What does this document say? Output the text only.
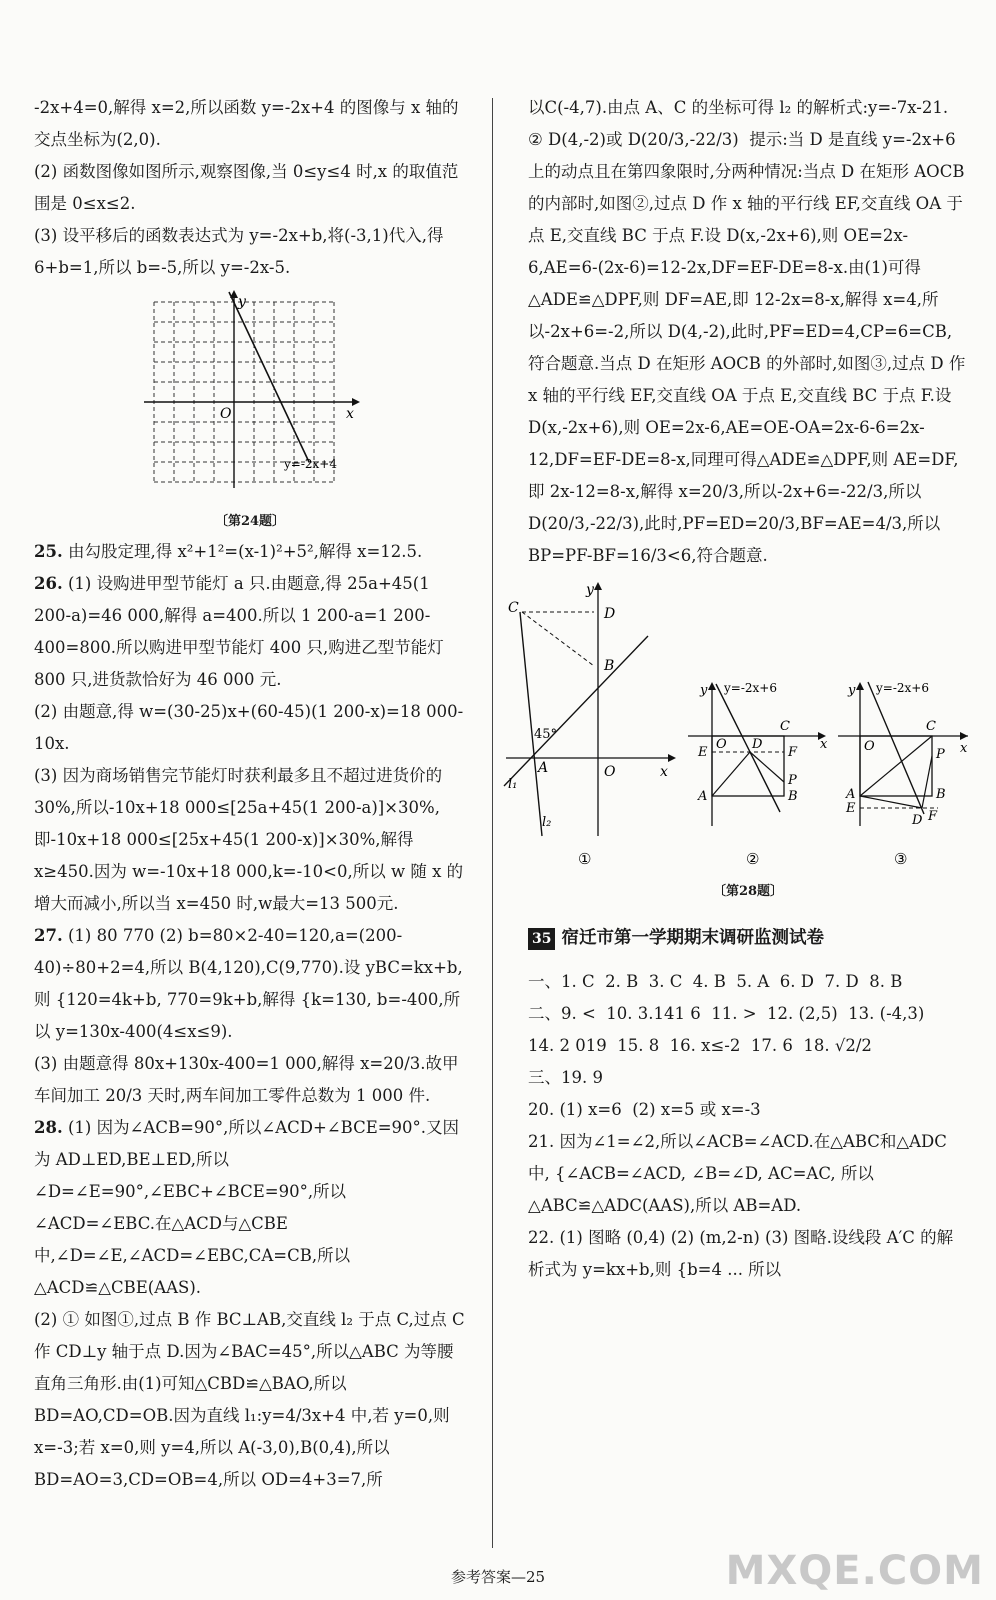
-2x+4=0,解得 x=2,所以函数 y=-2x+4 的图像与 x 轴的交点坐标为(2,0).

(2) 函数图像如图所示,观察图像,当 0≤y≤4 时,x 的取值范围是 0≤x≤2.

(3) 设平移后的函数表达式为 y=-2x+b,将(-3,1)代入,得 6+b=1,所以 b=-5,所以 y=-2x-5.

x
y
O
y=-2x+4
〔第24题〕

25. 由勾股定理,得 x²+1²=(x-1)²+5²,解得 x=12.5.

26. (1) 设购进甲型节能灯 a 只.由题意,得 25a+45(1 200-a)=46 000,解得 a=400.所以 1 200-a=1 200-400=800.所以购进甲型节能灯 400 只,购进乙型节能灯 800 只,进货款恰好为 46 000 元.

(2) 由题意,得 w=(30-25)x+(60-45)(1 200-x)=18 000-10x.

(3) 因为商场销售完节能灯时获利最多且不超过进货价的 30%,所以-10x+18 000≤[25a+45(1 200-a)]×30%,即-10x+18 000≤[25x+45(1 200-x)]×30%,解得 x≥450.因为 w=-10x+18 000,k=-10<0,所以 w 随 x 的增大而减小,所以当 x=450 时,w最大=13 500元.

27. (1) 80 770 (2) b=80×2-40=120,a=(200-40)÷80+2=4,所以 B(4,120),C(9,770).设 yBC=kx+b,则 {120=4k+b, 770=9k+b,解得 {k=130, b=-400,所以 y=130x-400(4≤x≤9).

(3) 由题意得 80x+130x-400=1 000,解得 x=20/3.故甲车间加工 20/3 天时,两车间加工零件总数为 1 000 件.

28. (1) 因为∠ACB=90°,所以∠ACD+∠BCE=90°.又因为 AD⊥ED,BE⊥ED,所以∠D=∠E=90°,∠EBC+∠BCE=90°,所以∠ACD=∠EBC.在△ACD与△CBE中,∠D=∠E,∠ACD=∠EBC,CA=CB,所以△ACD≌△CBE(AAS).

(2) ① 如图①,过点 B 作 BC⊥AB,交直线 l₂ 于点 C,过点 C 作 CD⊥y 轴于点 D.因为∠BAC=45°,所以△ABC 为等腰直角三角形.由(1)可知△CBD≌△BAO,所以 BD=AO,CD=OB.因为直线 l₁:y=4/3x+4 中,若 y=0,则 x=-3;若 x=0,则 y=4,所以 A(-3,0),B(0,4),所以 BD=AO=3,CD=OB=4,所以 OD=4+3=7,所

以C(-4,7).由点 A、C 的坐标可得 l₂ 的解析式:y=-7x-21.

② D(4,-2)或 D(20/3,-22/3)  提示:当 D 是直线 y=-2x+6 上的动点且在第四象限时,分两种情况:当点 D 在矩形 AOCB 的内部时,如图②,过点 D 作 x 轴的平行线 EF,交直线 OA 于点 E,交直线 BC 于点 F.设 D(x,-2x+6),则 OE=2x-6,AE=6-(2x-6)=12-2x,DF=EF-DE=8-x.由(1)可得△ADE≌△DPF,则 DF=AE,即 12-2x=8-x,解得 x=4,所以-2x+6=-2,所以 D(4,-2),此时,PF=ED=4,CP=6=CB,符合题意.当点 D 在矩形 AOCB 的外部时,如图③,过点 D 作 x 轴的平行线 EF,交直线 OA 于点 E,交直线 BC 于点 F.设 D(x,-2x+6),则 OE=2x-6,AE=OE-OA=2x-6-6=2x-12,DF=EF-DE=8-x,同理可得△ADE≌△DPF,则 AE=DF,即 2x-12=8-x,解得 x=20/3,所以-2x+6=-22/3,所以 D(20/3,-22/3),此时,PF=ED=20/3,BF=AE=4/3,所以 BP=PF-BF=16/3<6,符合题意.

C	D
B
A	O	x
y
l₁
l₂
45°
①
y y=-2x+6
O D
C
x
E	F
P
A	B
②
y y=-2x+6
O
C
x
P
A
E
B
D F
③
〔第28题〕
35 宿迁市第一学期期末调研监测试卷

一、1. C  2. B  3. C  4. B  5. A  6. D  7. D  8. B

二、9. <  10. 3.141 6  11. >  12. (2,5)  13. (-4,3)

14. 2 019  15. 8  16. x≤-2  17. 6  18. √2/2

三、19. 9

20. (1) x=6  (2) x=5 或 x=-3

21. 因为∠1=∠2,所以∠ACB=∠ACD.在△ABC和△ADC中, {∠ACB=∠ACD, ∠B=∠D, AC=AC, 所以△ABC≌△ADC(AAS),所以 AB=AD.

22. (1) 图略 (0,4) (2) (m,2-n) (3) 图略.设线段 A′C 的解析式为 y=kx+b,则 {b=4 ... 所以

参考答案—25	MXQE.COM
